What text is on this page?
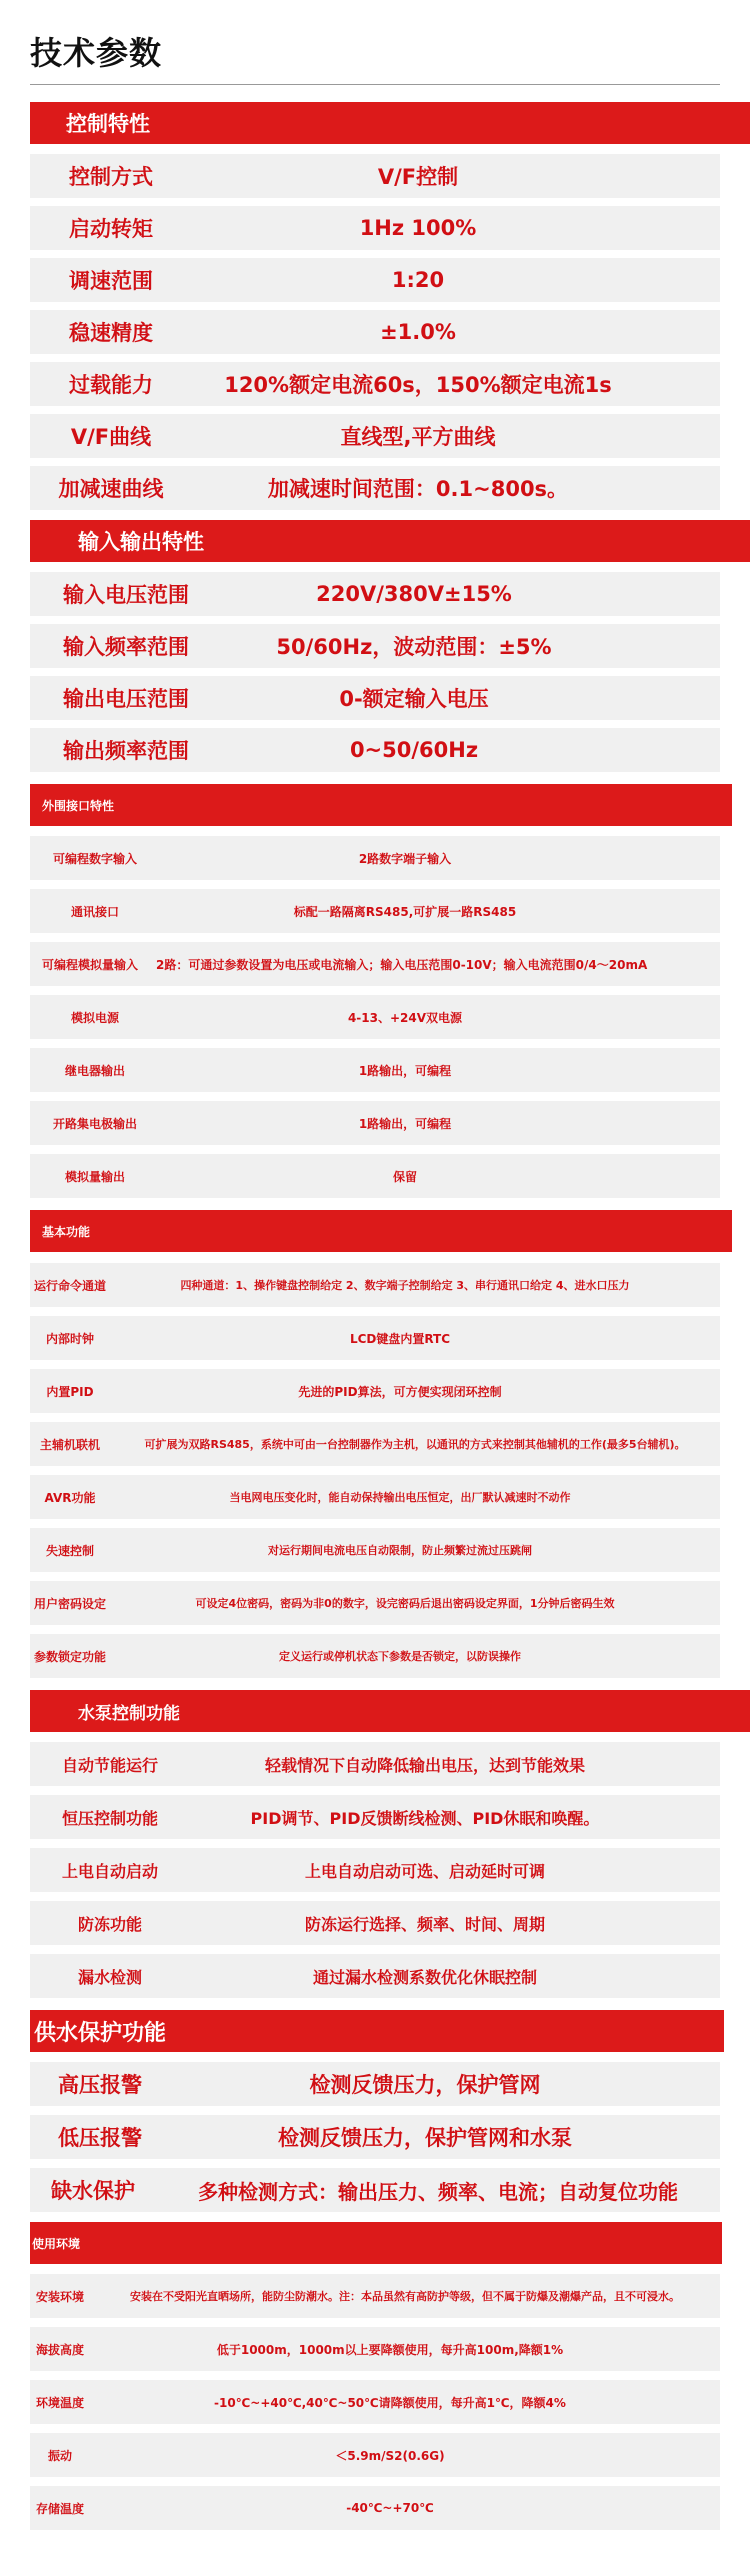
技术参数
控制特性
控制方式	V/F控制
启动转矩	1Hz 100%
调速范围	1:20
稳速精度	±1.0%
过载能力	120%额定电流60s，150%额定电流1s
V/F曲线	直线型,平方曲线
加减速曲线	加减速时间范围：0.1~800s。
输入输出特性
输入电压范围	220V/380V±15%
输入频率范围	50/60Hz，波动范围：±5%
输出电压范围	0-额定输入电压
输出频率范围	0~50/60Hz
外围接口特性
可编程数字输入	2路数字端子输入
通讯接口	标配一路隔离RS485,可扩展一路RS485
可编程模拟量输入	2路：可通过参数设置为电压或电流输入；输入电压范围0-10V；输入电流范围0/4～20mA
模拟电源	4-13、+24V双电源
继电器输出	1路输出，可编程
开路集电极输出	1路输出，可编程
模拟量输出	保留
基本功能
运行命令通道	四种通道：1、操作键盘控制给定 2、数字端子控制给定 3、串行通讯口给定 4、进水口压力
内部时钟	LCD键盘内置RTC
内置PID	先进的PID算法，可方便实现闭环控制
主辅机联机	可扩展为双路RS485，系统中可由一台控制器作为主机，以通讯的方式来控制其他辅机的工作(最多5台辅机)。
AVR功能	当电网电压变化时，能自动保持输出电压恒定，出厂默认减速时不动作
失速控制	对运行期间电流电压自动限制，防止频繁过流过压跳闸
用户密码设定	可设定4位密码，密码为非0的数字，设完密码后退出密码设定界面，1分钟后密码生效
参数锁定功能	定义运行或停机状态下参数是否锁定，以防误操作
水泵控制功能
自动节能运行	轻载情况下自动降低输出电压，达到节能效果
恒压控制功能	PID调节、PID反馈断线检测、PID休眠和唤醒。
上电自动启动	上电自动启动可选、启动延时可调
防冻功能	防冻运行选择、频率、时间、周期
漏水检测	通过漏水检测系数优化休眠控制
供水保护功能
高压报警	检测反馈压力，保护管网
低压报警	检测反馈压力，保护管网和水泵
缺水保护	多种检测方式：输出压力、频率、电流；自动复位功能
使用环境
安装环境	安装在不受阳光直晒场所，能防尘防潮水。注：本品虽然有高防护等级，但不属于防爆及潮爆产品，且不可浸水。
海拔高度	低于1000m，1000m以上要降额使用，每升高100m,降额1%
环境温度	-10℃~+40℃,40℃~50℃请降额使用，每升高1℃，降额4%
振动	＜5.9m/S2(0.6G)
存储温度	-40℃~+70℃
